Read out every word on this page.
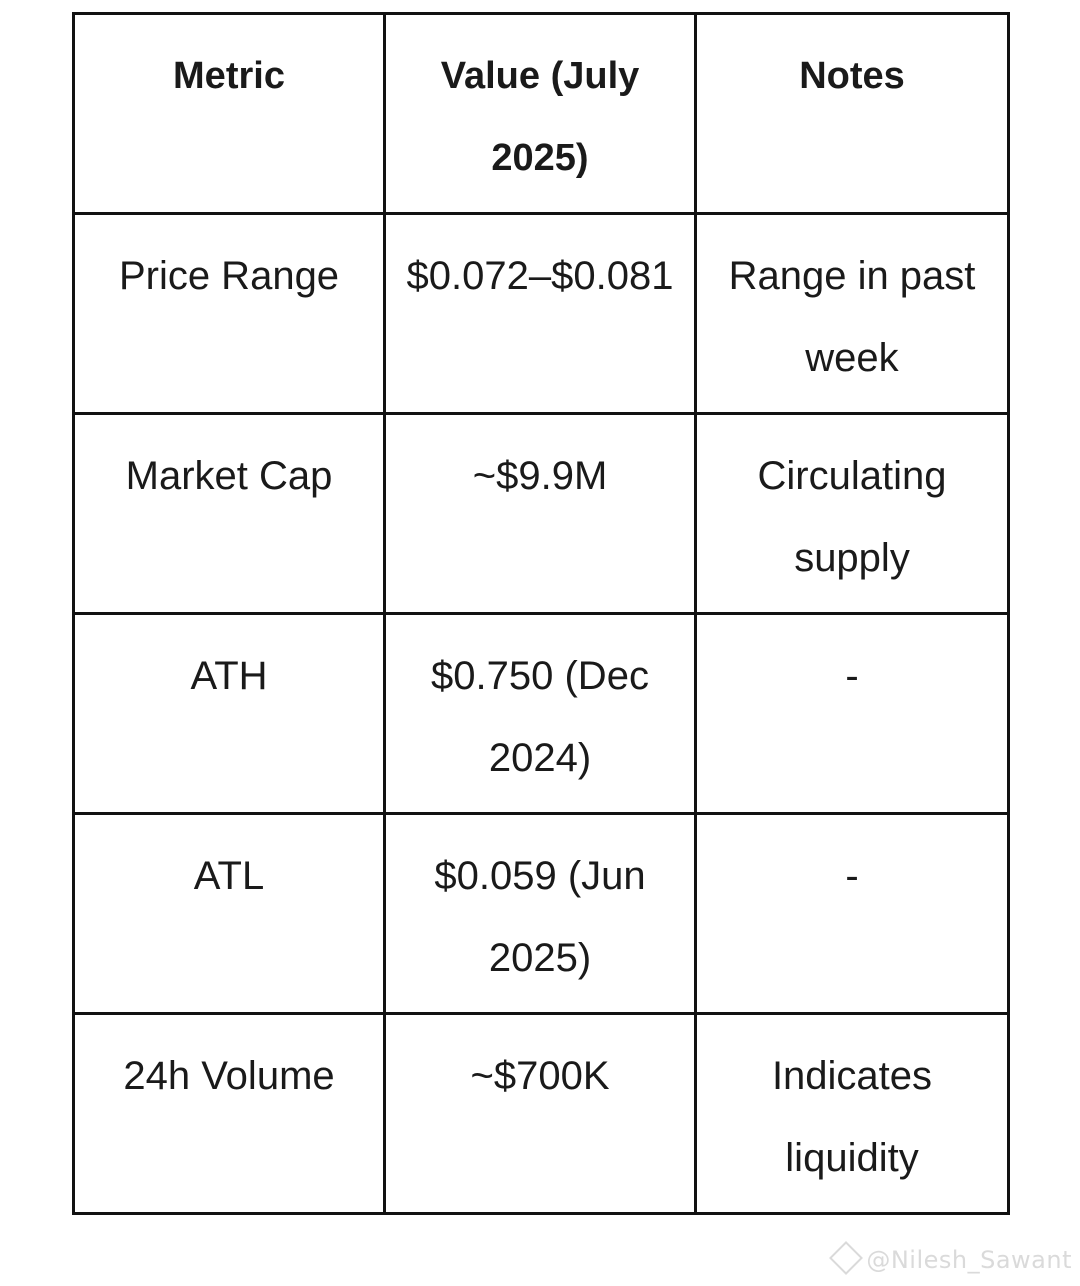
Metric	Value (July 2025)	Notes
Price Range	$0.072–$0.081	Range in past week
Market Cap	~$9.9M	Circulating supply
ATH	$0.750 (Dec 2024)	-
ATL	$0.059 (Jun 2025)	-
24h Volume	~$700K	Indicates liquidity
@Nilesh_Sawant
